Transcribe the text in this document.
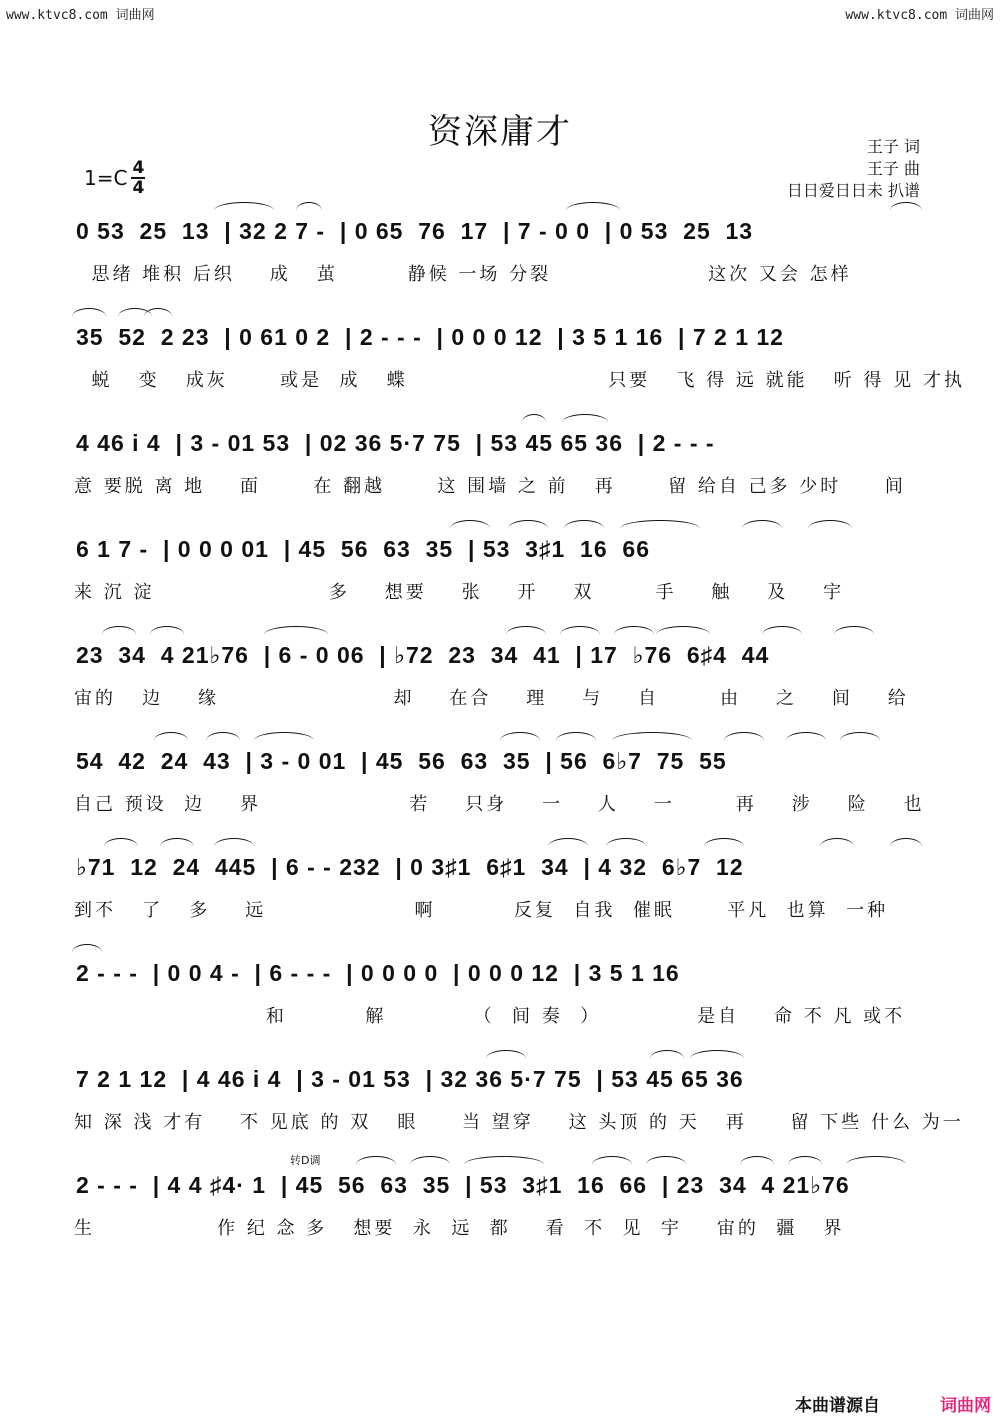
www.ktvc8.com 词曲网	www.ktvc8.com 词曲网
资深庸才
$1=C \frac{4}{4}$
王子 词
王子 曲
日日爱日日未 扒谱
0 53  25  13  | 32 2 7 -  | 0 65  76  17  | 7 - 0 0  | 0 53  25  13
思绪 堆积 后织    成   茧        静候 一场 分裂                  这次 又会 怎样
35  52  2 23  | 0 61 0 2  | 2 - - -  | 0 0 0 12  | 3 5 1 16  | 7 2 1 12
蜕   变   成灰      或是  成   蝶                       只要   飞 得 远 就能   听 得 见 才执
4 46 i 4  | 3 - 01 53  | 02 36 5·7 75  | 53 45 65 36  | 2 - - -
意 要脱 离 地    面      在 翻越      这 围墙 之 前   再      留 给自 己多 少时     间
6 1 7 -  | 0 0 0 01  | 45  56  63  35  | 53  3♯1  16  66
来 沉 淀                    多    想要    张    开    双       手    触    及    宇
23  34  4 21♭76  | 6 - 0 06  | ♭72  23  34  41  | 17  ♭76  6♯4  44
宙的   边    缘                    却    在合    理    与    自       由    之    间    给
54  42  24  43  | 3 - 0 01  | 45  56  63  35  | 56  6♭7  75  55
自己 预设  边    界                 若    只身    一    人    一       再    涉    险    也
♭71  12  24  445  | 6 - - 232  | 0 3♯1  6♯1  34  | 4 32  6♭7  12
到不   了   多    远                 啊         反复  自我  催眠      平凡  也算  一种
2 - - -  | 0 0 4 -  | 6 - - -  | 0 0 0 0  | 0 0 0 12  | 3 5 1 16
和         解          （  间 奏  ）           是自    命 不 凡 或不
7 2 1 12  | 4 46 i 4  | 3 - 01 53  | 32 36 5·7 75  | 53 45 65 36
知 深 浅 才有    不 见底 的 双   眼     当 望穿    这 头顶 的 天   再     留 下些 什么 为一
转D调
2 - - -  | 4 4 ♯4· 1  | 45  56  63  35  | 53  3♯1  16  66  | 23  34  4 21♭76
生              作 纪 念 多   想要  永  远  都    看  不  见  宇    宙的  疆   界
本曲谱源自	词曲网
